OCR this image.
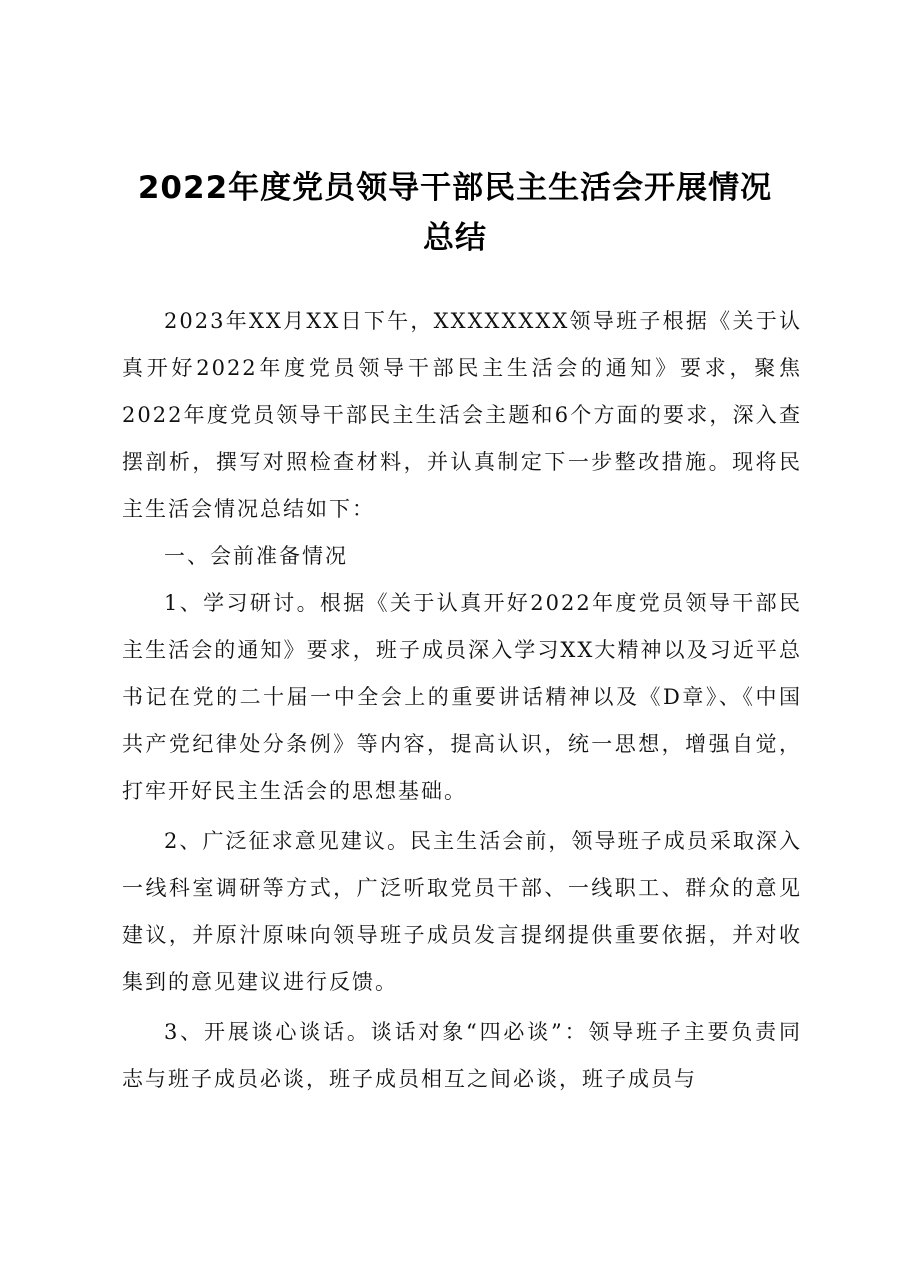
2022年度党员领导干部民主生活会开展情况
总结

2023年XX月XX日下午，XXXXXXXX领导班子根据《关于认真开好2022年度党员领导干部民主生活会的通知》要求，聚焦2022年度党员领导干部民主生活会主题和6个方面的要求，深入查摆剖析，撰写对照检查材料，并认真制定下一步整改措施。现将民主生活会情况总结如下：

一、会前准备情况

1、学习研讨。根据《关于认真开好2022年度党员领导干部民主生活会的通知》要求，班子成员深入学习XX大精神以及习近平总书记在党的二十届一中全会上的重要讲话精神以及《D章》、《中国共产党纪律处分条例》等内容，提高认识，统一思想，增强自觉，打牢开好民主生活会的思想基础。

2、广泛征求意见建议。民主生活会前，领导班子成员采取深入一线科室调研等方式，广泛听取党员干部、一线职工、群众的意见建议，并原汁原味向领导班子成员发言提纲提供重要依据，并对收集到的意见建议进行反馈。

3、开展谈心谈话。谈话对象“四必谈”：领导班子主要负责同志与班子成员必谈，班子成员相互之间必谈，班子成员与
